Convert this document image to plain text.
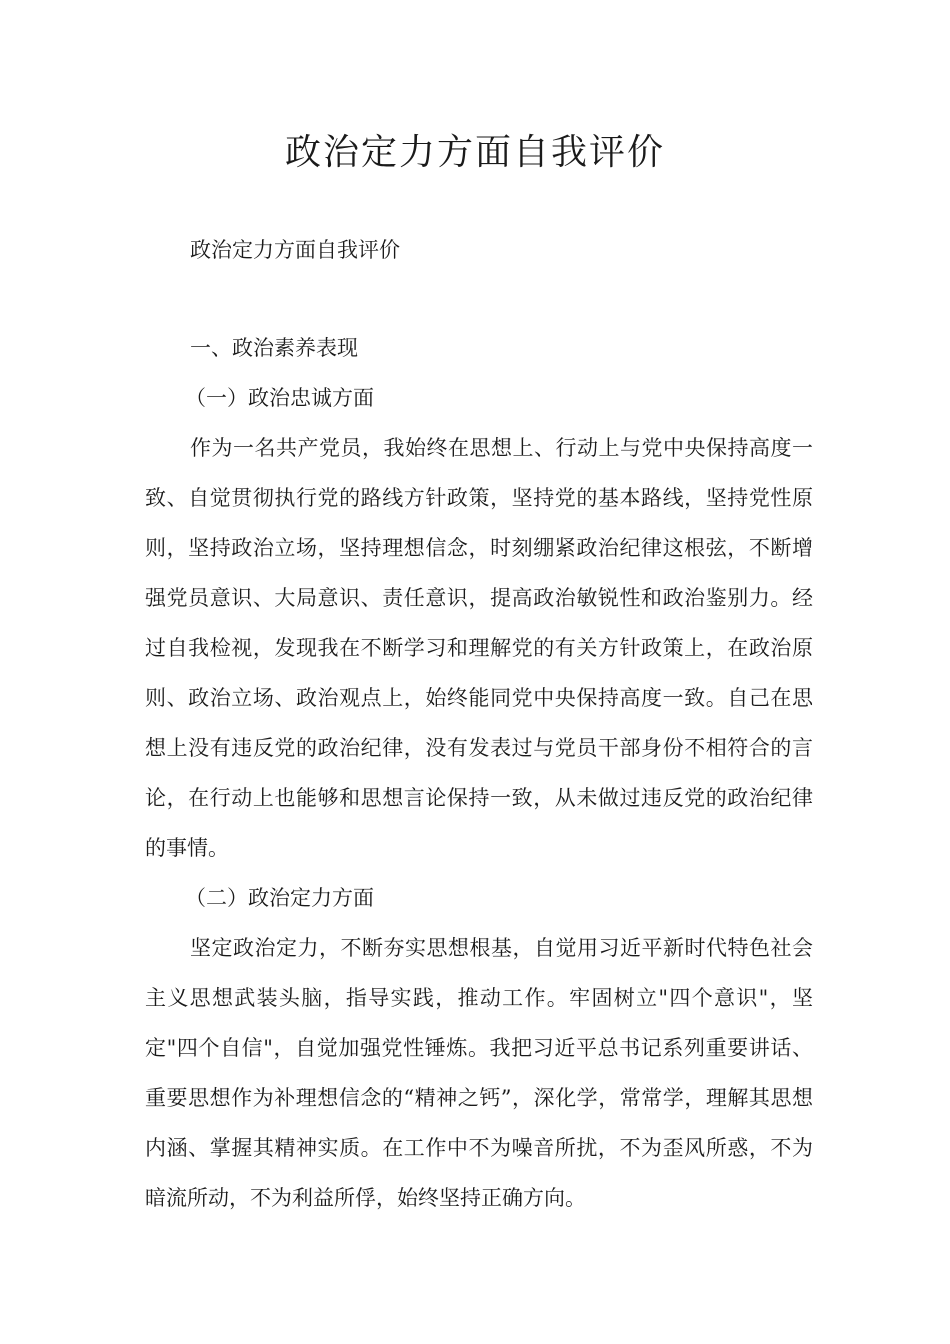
政治定力方面自我评价

政治定力方面自我评价

一、政治素养表现

（一）政治忠诚方面

作为一名共产党员，我始终在思想上、行动上与党中央保持高度一致、自觉贯彻执行党的路线方针政策，坚持党的基本路线，坚持党性原则，坚持政治立场，坚持理想信念，时刻绷紧政治纪律这根弦，不断增强党员意识、大局意识、责任意识，提高政治敏锐性和政治鉴别力。经过自我检视，发现我在不断学习和理解党的有关方针政策上，在政治原则、政治立场、政治观点上，始终能同党中央保持高度一致。自己在思想上没有违反党的政治纪律，没有发表过与党员干部身份不相符合的言论，在行动上也能够和思想言论保持一致，从未做过违反党的政治纪律的事情。

（二）政治定力方面

坚定政治定力，不断夯实思想根基，自觉用习近平新时代特色社会主义思想武装头脑，指导实践，推动工作。牢固树立"四个意识"，坚定"四个自信"，自觉加强党性锤炼。我把习近平总书记系列重要讲话、重要思想作为补理想信念的“精神之钙”，深化学，常常学，理解其思想内涵、掌握其精神实质。在工作中不为噪音所扰，不为歪风所惑，不为暗流所动，不为利益所俘，始终坚持正确方向。
